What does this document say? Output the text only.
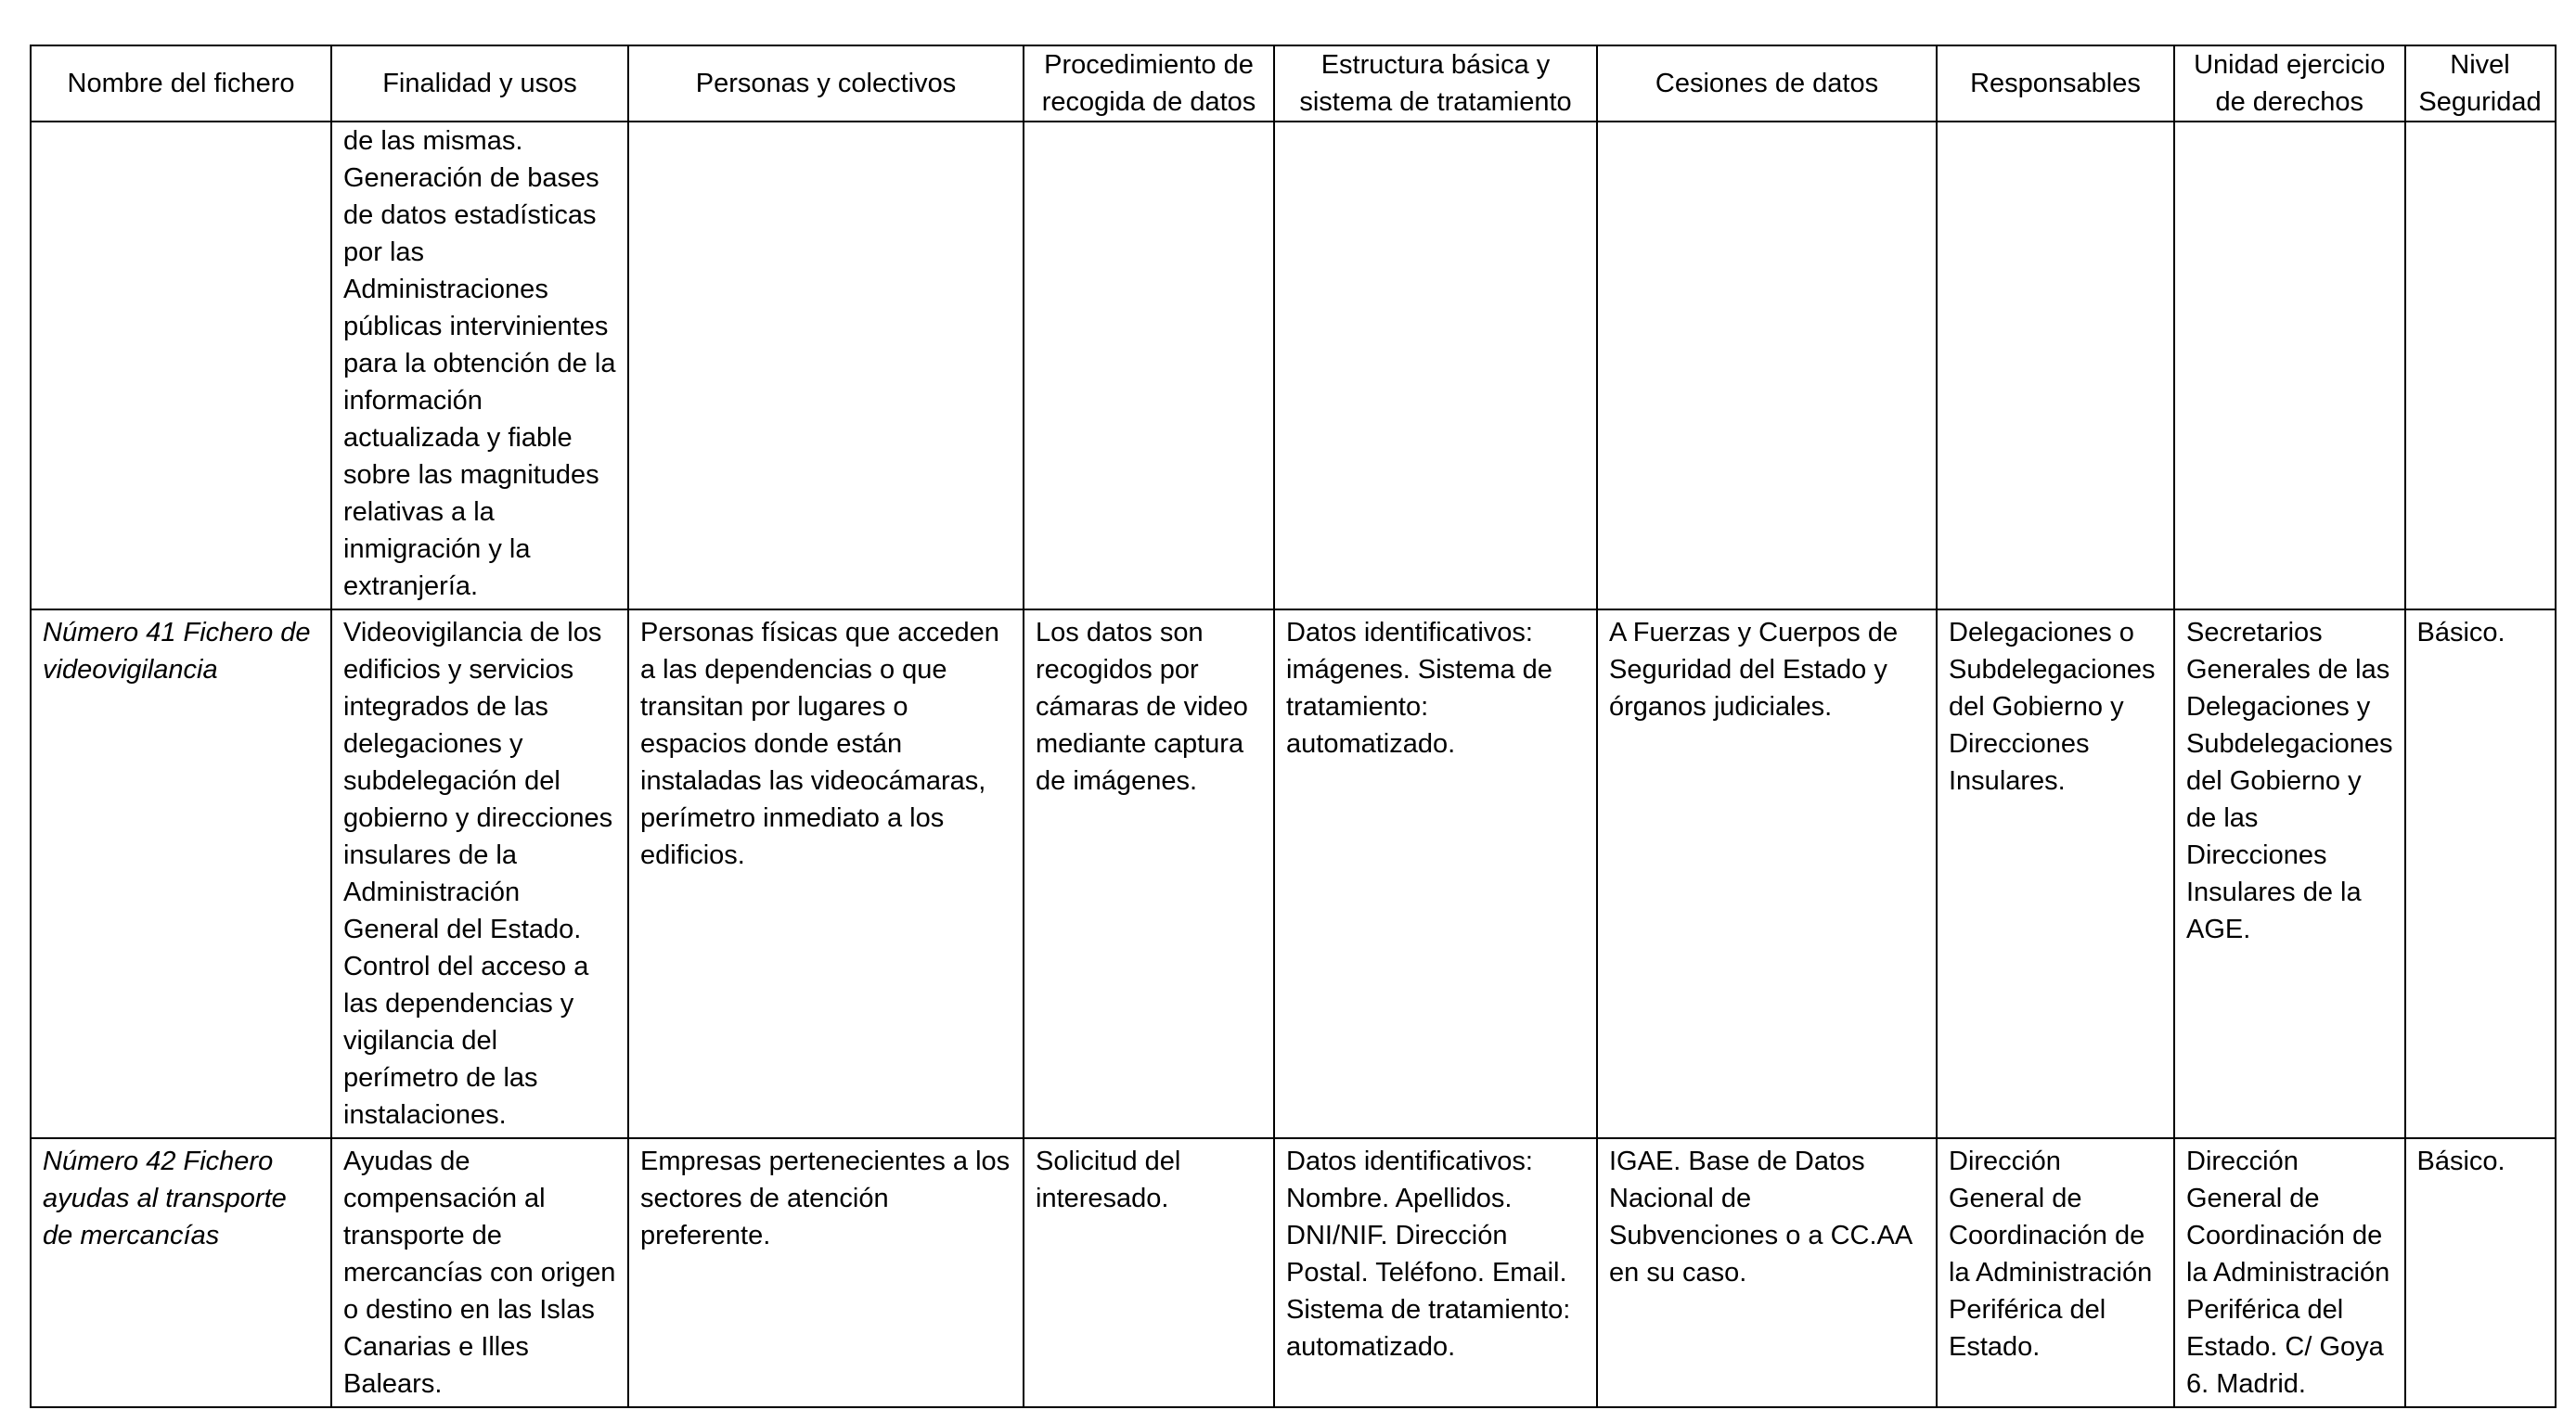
Nombre del fichero	Finalidad y usos	Personas y colectivos	Procedimiento de recogida de datos	Estructura básica y sistema de tratamiento	Cesiones de datos	Responsables	Unidad ejercicio de derechos	Nivel Seguridad
	de las mismas. Generación de bases de datos estadísticas por las Administraciones públicas intervinientes para la obtención de la información actualizada y fiable sobre las magnitudes relativas a la inmigración y la extranjería.							
Número 41 Fichero de videovigilancia	Videovigilancia de los edificios y servicios integrados de las delegaciones y subdelegación del gobierno y direcciones insulares de la Administración General del Estado. Control del acceso a las dependencias y vigilancia del perímetro de las instalaciones.	Personas físicas que acceden a las dependencias o que transitan por lugares o espacios donde están instaladas las videocámaras, perímetro inmediato a los edificios.	Los datos son recogidos por cámaras de video mediante captura de imágenes.	Datos identificativos: imágenes. Sistema de tratamiento: automatizado.	A Fuerzas y Cuerpos de Seguridad del Estado y órganos judiciales.	Delegaciones o Subdelegaciones del Gobierno y Direcciones Insulares.	Secretarios Generales de las Delegaciones y Subdelegaciones del Gobierno y de las Direcciones Insulares de la AGE.	Básico.
Número 42 Fichero ayudas al transporte de mercancías	Ayudas de compensación al transporte de mercancías con origen o destino en las Islas Canarias e Illes Balears.	Empresas pertenecientes a los sectores de atención preferente.	Solicitud del interesado.	Datos identificativos: Nombre. Apellidos. DNI/NIF. Dirección Postal. Teléfono. Email. Sistema de tratamiento: automatizado.	IGAE. Base de Datos Nacional de Subvenciones o a CC.AA en su caso.	Dirección General de Coordinación de la Administración Periférica del Estado.	Dirección General de Coordinación de la Administración Periférica del Estado. C/ Goya 6. Madrid.	Básico.
